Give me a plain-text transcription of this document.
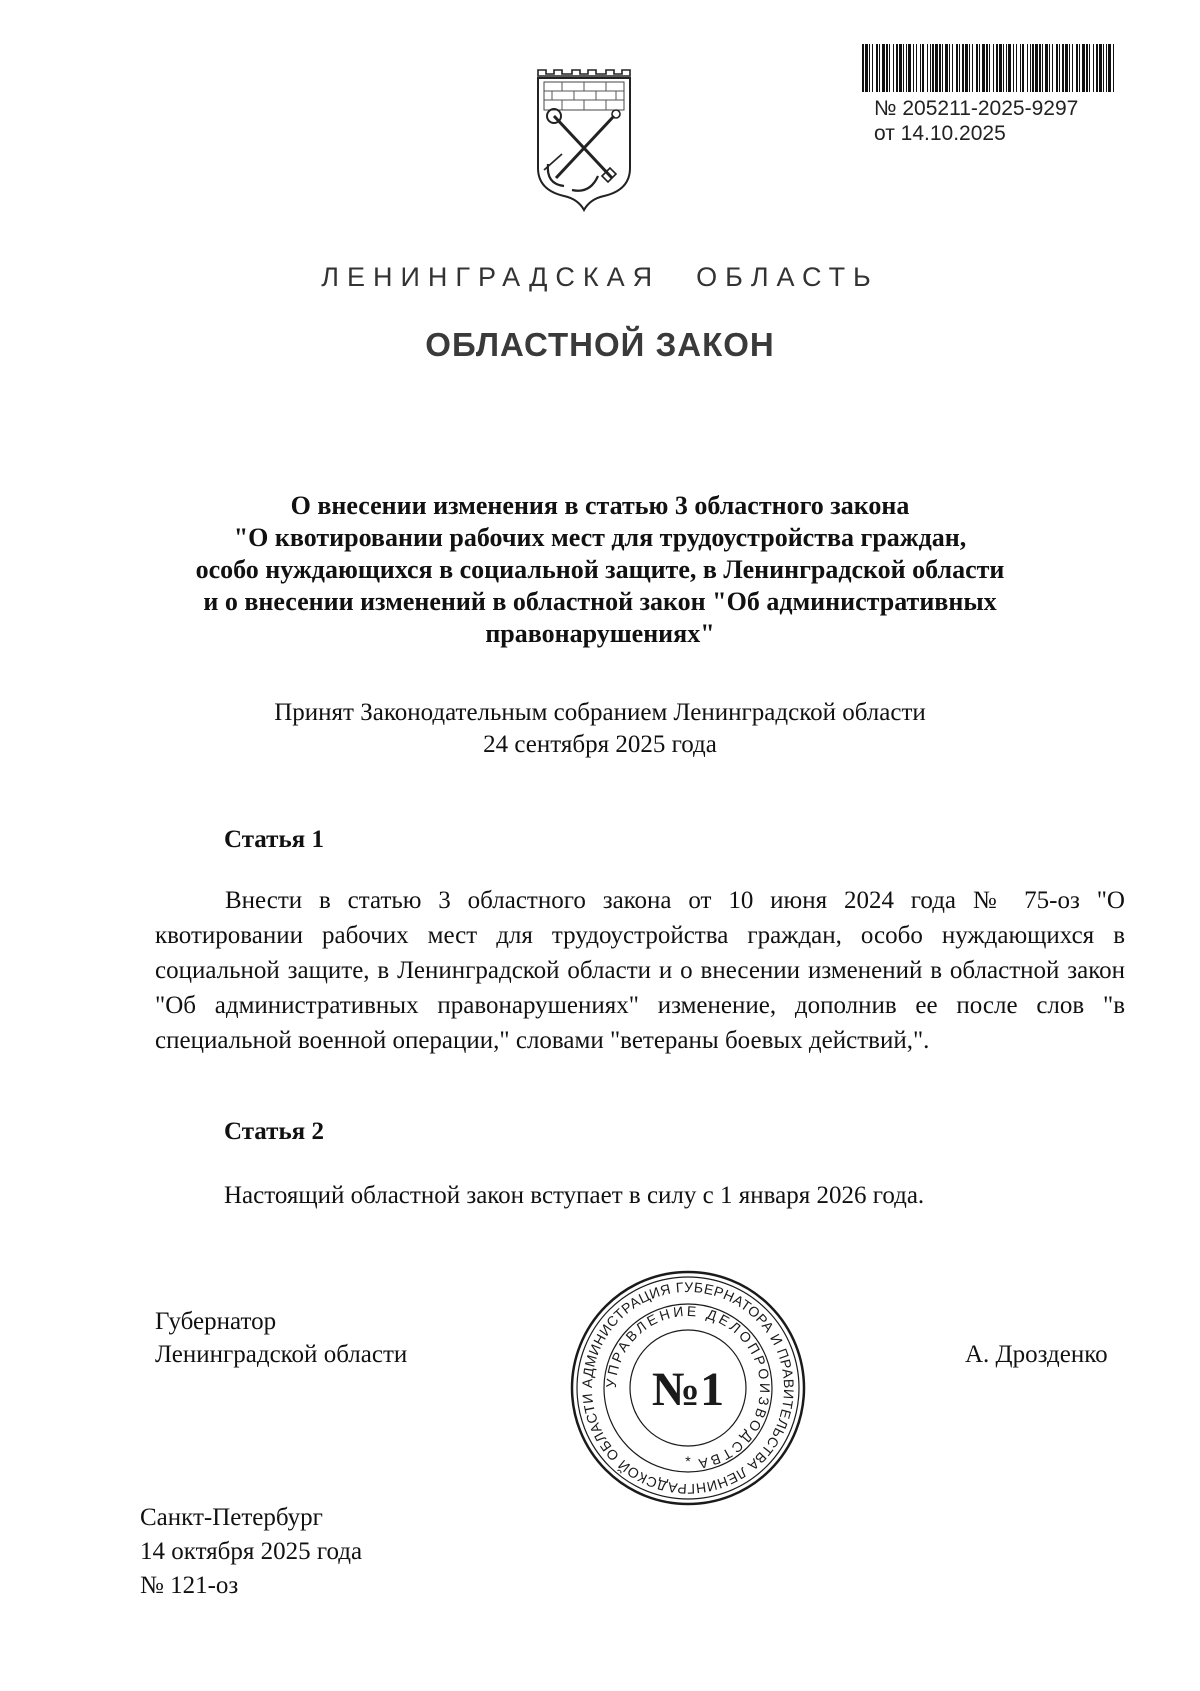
№ 205211-2025-9297
от 14.10.2025
ЛЕНИНГРАДСКАЯ ОБЛАСТЬ
ОБЛАСТНОЙ ЗАКОН
О внесении изменения в статью 3 областного закона
"О квотировании рабочих мест для трудоустройства граждан,
особо нуждающихся в социальной защите, в Ленинградской области
и о внесении изменений в областной закон "Об административных
правонарушениях"
Принят Законодательным собранием Ленинградской области
24 сентября 2025 года
Статья 1
Внести в статью 3 областного закона от 10 июня 2024 года № 75-оз "О квотировании рабочих мест для трудоустройства граждан, особо нуждающихся в социальной защите, в Ленинградской области и о внесении изменений в областной закон "Об административных правонарушениях" изменение, дополнив ее после слов "в специальной военной операции," словами "ветераны боевых действий,".
Статья 2
Настоящий областной закон вступает в силу с 1 января 2026 года.
Губернатор
Ленинградской области	А. Дрозденко
АДМИНИСТРАЦИЯ ГУБЕРНАТОРА И ПРАВИТЕЛЬСТВА ЛЕНИНГРАДСКОЙ ОБЛАСТИ
УПРАВЛЕНИЕ ДЕЛОПРОИЗВОДСТВА
№1
*
Санкт-Петербург
14 октября 2025 года
№ 121-оз
